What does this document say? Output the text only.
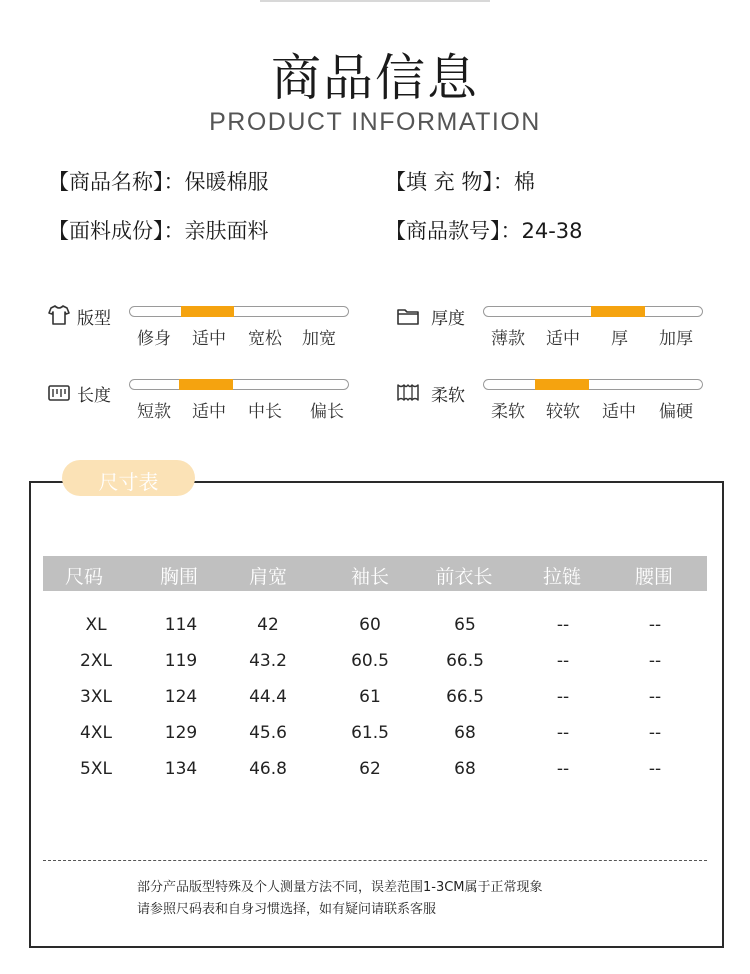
商品信息
PRODUCT INFORMATION
【商品名称】：保暖棉服	【填 充 物】：棉
【面料成份】：亲肤面料	【商品款号】：24-38
版型
修身 适中 宽松 加宽
厚度
薄款 适中 厚 加厚
长度
短款 适中 中长 偏长
柔软
柔软 较软 适中 偏硬
尺寸表
尺码	胸围	肩宽	袖长	前衣长	拉链	腰围
XL	114	42	60	65	--	--
2XL	119	43.2	60.5	66.5	--	--
3XL	124	44.4	61	66.5	--	--
4XL	129	45.6	61.5	68	--	--
5XL	134	46.8	62	68	--	--
部分产品版型特殊及个人测量方法不同，误差范围1-3CM属于正常现象
请参照尺码表和自身习惯选择，如有疑问请联系客服
